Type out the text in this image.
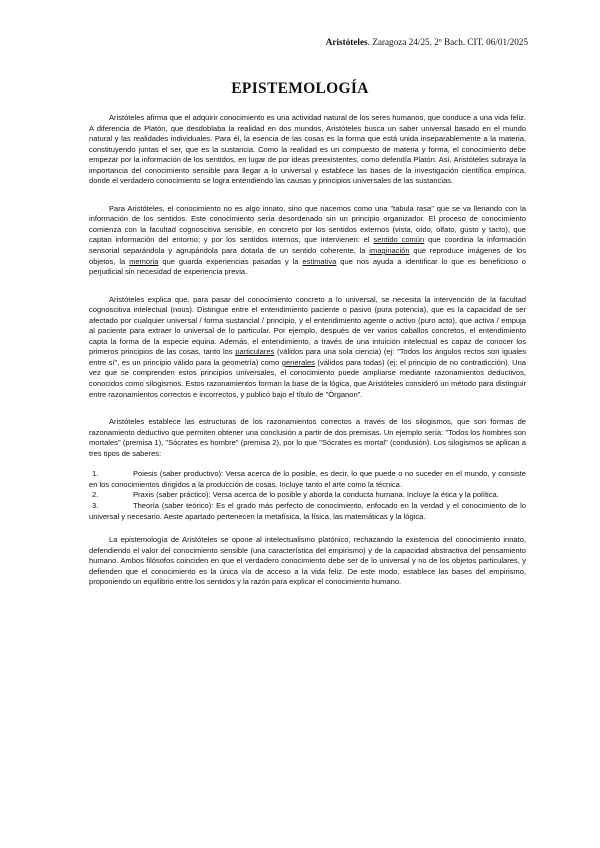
Aristóteles. Zaragoza 24/25. 2º Bach. CIT. 06/01/2025
EPISTEMOLOGÍA

Aristóteles afirma que el adquirir conocimiento es una actividad natural de los seres humanos, que conduce a una vida feliz. A diferencia de Platón, que desdoblaba la realidad en dos mundos, Aristóteles busca un saber universal basado en el mundo natural y las realidades individuales. Para él, la esencia de las cosas es la forma que está unida inseparablemente a la materia, constituyendo juntas el ser, que es la sustancia. Como la realidad es un compuesto de materia y forma, el conocimiento debe empezar por la información de los sentidos, en lugar de por ideas preexistentes, como defendía Platón. Así, Aristóteles subraya la importancia del conocimiento sensible para llegar a lo universal y establece las bases de la investigación científica empírica, donde el verdadero conocimiento se logra entendiendo las causas y principios universales de las sustancias.

Para Aristóteles, el conocimiento no es algo innato, sino que nacemos como una "tabula rasa" que se va llenando con la información de los sentidos. Este conocimiento sería desordenado sin un principio organizador. El proceso de conocimiento comienza con la facultad cognoscitiva sensible, en concreto por los sentidos externos (vista, oído, olfato, gusto y tacto), que captan información del entorno; y por los sentidos internos, que intervienen: el sentido común que coordina la información sensorial separándola y agrupándola para dotarla de un sentido coherente, la imaginación que reproduce imágenes de los objetos, la memoria que guarda experiencias pasadas y la estimativa que nos ayuda a identificar lo que es beneficioso o perjudicial sin necesidad de experiencia previa.

Aristóteles explica que, para pasar del conocimiento concreto a lo universal, se necesita la intervención de la facultad cognoscitiva intelectual (nous). Distingue entre el entendimiento paciente o pasivo (pura potencia), que es la capacidad de ser afectado por cualquier universal / forma sustancial / principio, y el entendimiento agente o activo (puro acto), que activa / empuja al paciente para extraer lo universal de lo particular. Por ejemplo, después de ver varios caballos concretos, el entendimiento capta la forma de la especie equina. Además, el entendimiento, a través de una intuición intelectual es capaz de conocer los primeros principios de las cosas, tanto los particulares (válidos para una sola ciencia) (ej: "Todos los ángulos rectos son iguales entre sí", es un principio válido para la geometría) como generales (válidos para todas) (ej: el principio de no contradicción). Una vez que se comprenden estos principios universales, el conocimiento puede ampliarse mediante razonamientos deductivos, conocidos como silogismos. Estos razonamientos forman la base de la lógica, que Aristóteles consideró un método para distinguir entre razonamientos correctos e incorrectos, y publicó bajo el título de "Órganon".

Aristóteles establece las estructuras de los razonamientos correctos a través de los silogismos, que son formas de razonamiento deductivo que permiten obtener una conclusión a partir de dos premisas. Un ejemplo sería: "Todos los hombres son mortales" (premisa 1), "Sócrates es hombre" (premisa 2), por lo que "Sócrates es mortal" (condusión). Los silogismos se aplican a tres tipos de saberes:

1.	Poiesis (saber productivo): Versa acerca de lo posible, es decir, lo que puede o no suceder en el mundo, y consiste en los conocimientos dirigidos a la producción de cosas. Incluye tanto el arte como la técnica.
2.	Praxis (saber práctico): Versa acerca de lo posible y aborda la conducta humana. Incluye la ética y la política.
3.	Theoría (saber teórico): Es el grado más perfecto de conocimiento, enfocado en la verdad y el conocimiento de lo universal y necesario. Aeste apartado pertenecen la metafísica, la física, las matemáticas y la lógica.

La epistemología de Aristóteles se opone al intelectualismo platónico, rechazando la existencia del conocimiento innato, defendiendo el valor del conocimiento sensible (una característica del empirismo) y de la capacidad abstractiva del pensamiento humano. Ambos filósofos coinciden en que el verdadero conocimiento debe ser de lo universal y no de los objetos particulares, y defienden que el conocimiento es la única vía de acceso a la vida feliz. De este modo, establece las bases del empirismo, proponiendo un equilibrio entre los sentidos y la razón para explicar el conocimiento humano.
